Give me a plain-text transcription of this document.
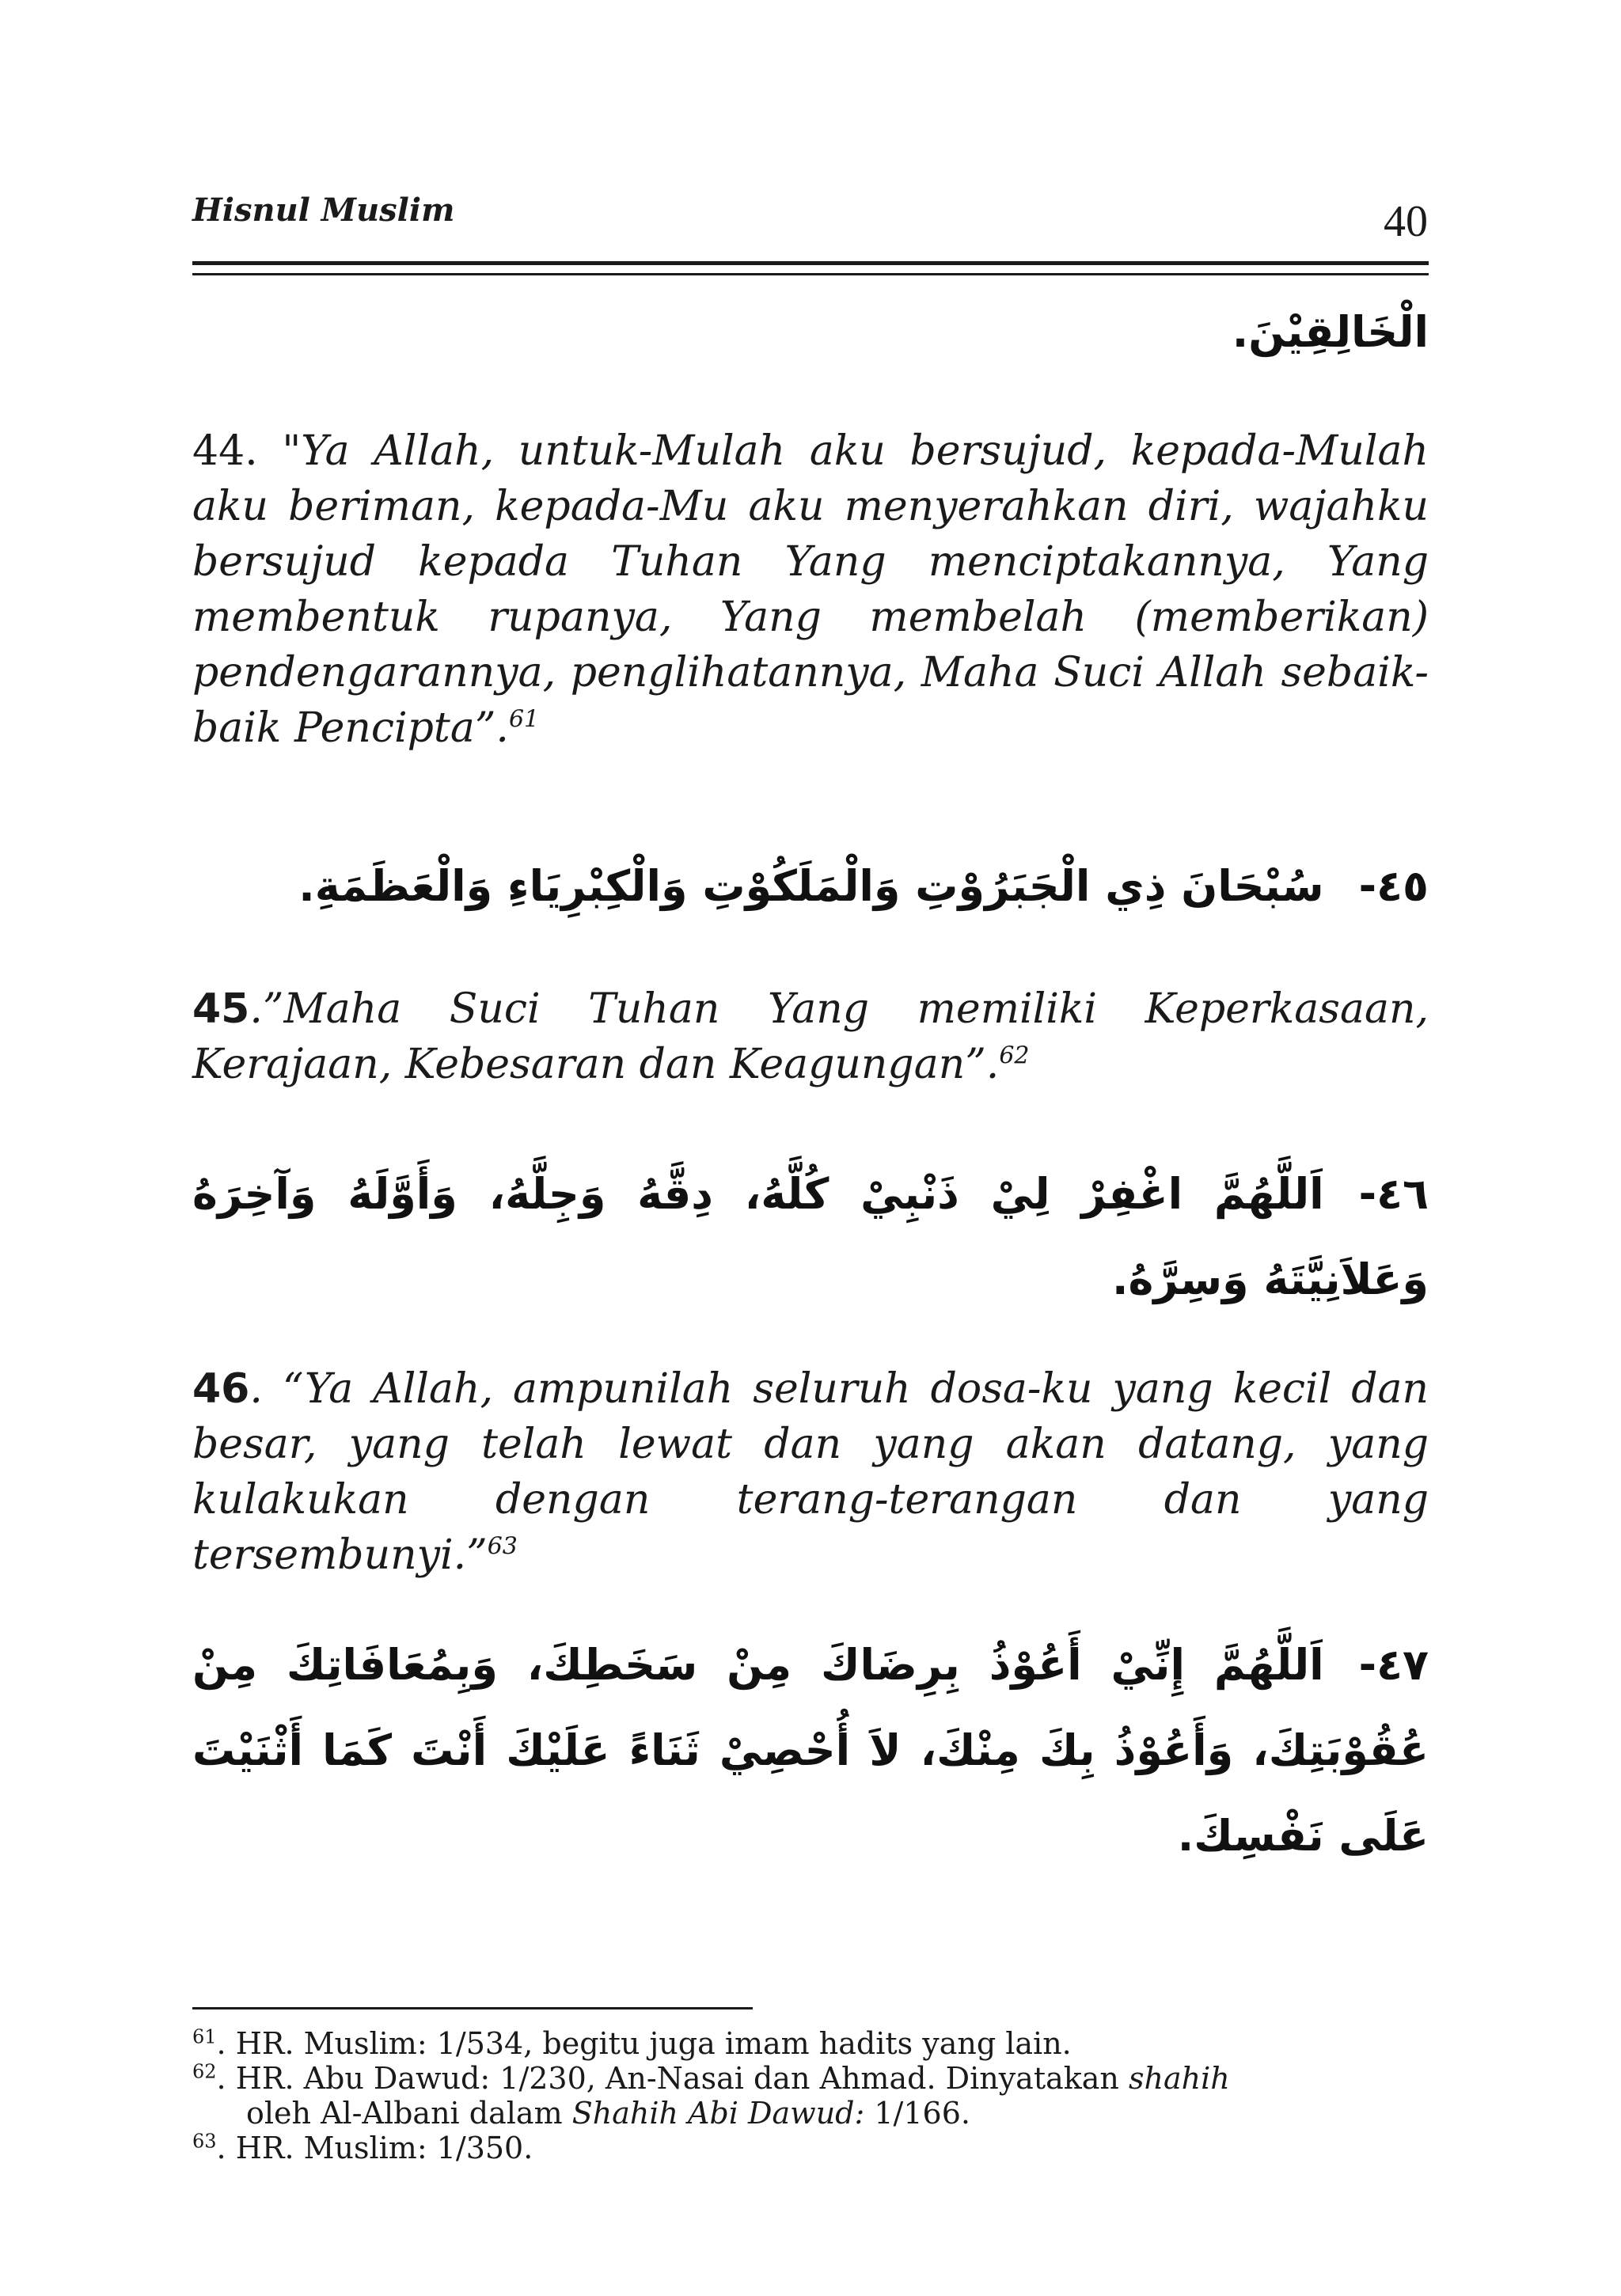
Hisnul Muslim	40
الْخَالِقِيْنَ.
44. "Ya Allah, untuk-Mulah aku bersujud, kepada-Mulah aku beriman, kepada-Mu aku menyerahkan diri, wajahku bersujud kepada Tuhan Yang menciptakannya, Yang membentuk rupanya, Yang membelah (memberikan) pendengarannya, penglihatannya, Maha Suci Allah sebaik-baik Pencipta”.$^{61}$
٤٥-سُبْحَانَ ذِي الْجَبَرُوْتِ وَالْمَلَكُوْتِ وَالْكِبْرِيَاءِ وَالْعَظَمَةِ.
45.”Maha Suci Tuhan Yang memiliki Keperkasaan, Kerajaan, Kebesaran dan Keagungan”.$^{62}$
٤٦-اَللَّهُمَّ اغْفِرْ لِيْ ذَنْبِيْ كُلَّهُ، دِقَّهُ وَجِلَّهُ، وَأَوَّلَهُ وَآخِرَهُ وَعَلاَنِيَّتَهُ وَسِرَّهُ.
46. “Ya Allah, ampunilah seluruh dosa-ku yang kecil dan besar, yang telah lewat dan yang akan datang, yang kulakukan dengan terang-terangan dan yang tersembunyi.”$^{63}$
٤٧-اَللَّهُمَّ إِنِّيْ أَعُوْذُ بِرِضَاكَ مِنْ سَخَطِكَ، وَبِمُعَافَاتِكَ مِنْ عُقُوْبَتِكَ، وَأَعُوْذُ بِكَ مِنْكَ، لاَ أُحْصِيْ ثَنَاءً عَلَيْكَ أَنْتَ كَمَا أَثْنَيْتَ عَلَى نَفْسِكَ.
$^{61}$. HR. Muslim: 1/534, begitu juga imam hadits yang lain.
$^{62}$. HR. Abu Dawud: 1/230, An-Nasai dan Ahmad. Dinyatakan shahih
oleh Al-Albani dalam Shahih Abi Dawud: 1/166.
$^{63}$. HR. Muslim: 1/350.
